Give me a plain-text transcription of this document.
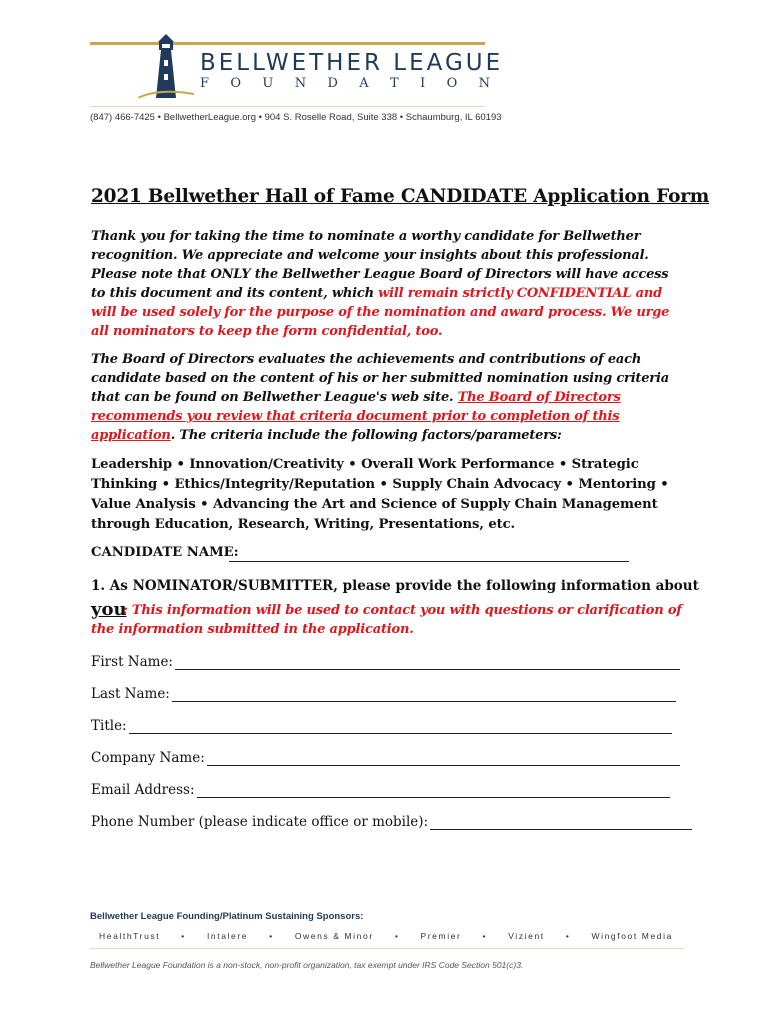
BELLWETHER LEAGUE
F O U N D A T I O N
(847) 466-7425 • BellwetherLeague.org • 904 S. Roselle Road, Suite 338 • Schaumburg, IL 60193
2021 Bellwether Hall of Fame CANDIDATE Application Form
Thank you for taking the time to nominate a worthy candidate for Bellwether recognition. We appreciate and welcome your insights about this professional. Please note that ONLY the Bellwether League Board of Directors will have access to this document and its content, which will remain strictly CONFIDENTIAL and will be used solely for the purpose of the nomination and award process. We urge all nominators to keep the form confidential, too.
The Board of Directors evaluates the achievements and contributions of each candidate based on the content of his or her submitted nomination using criteria that can be found on Bellwether League's web site. The Board of Directors recommends you review that criteria document prior to completion of this application. The criteria include the following factors/parameters:
Leadership • Innovation/Creativity • Overall Work Performance • Strategic Thinking • Ethics/Integrity/Reputation • Supply Chain Advocacy • Mentoring • Value Analysis • Advancing the Art and Science of Supply Chain Management through Education, Research, Writing, Presentations, etc.
CANDIDATE NAME:
1. As NOMINATOR/SUBMITTER, please provide the following information about
you
: This information will be used to contact you with questions or clarification of
the information submitted in the application.
First Name:
Last Name:
Title:
Company Name:
Email Address:
Phone Number (please indicate office or mobile):
Bellwether League Founding/Platinum Sustaining Sponsors:
HealthTrust • Intalere • Owens & Minor • Premier • Vizient • Wingfoot Media
Bellwether League Foundation is a non-stock, non-profit organization, tax exempt under IRS Code Section 501(c)3.
